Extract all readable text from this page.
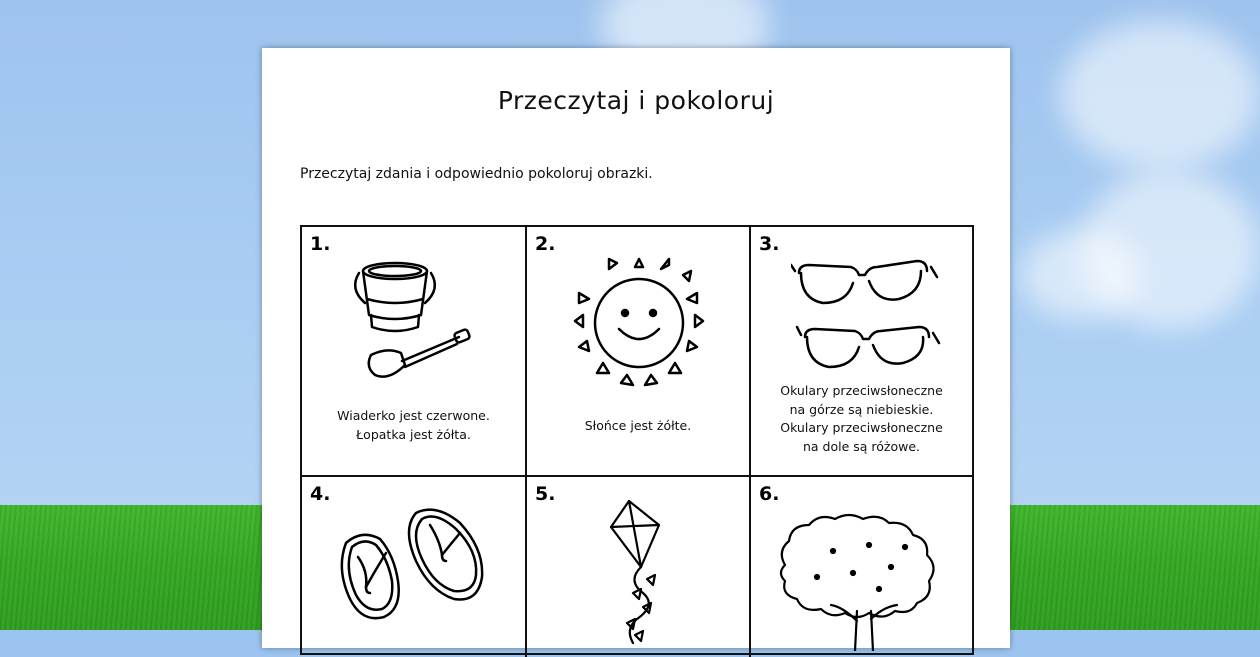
Przeczytaj i pokoloruj
Przeczytaj zdania i odpowiednio pokoloruj obrazki.
1.
Wiaderko jest czerwone.
Łopatka jest żółta.
2.
Słońce jest żółte.
3.
Okulary przeciwsłoneczne
na górze są niebieskie.
Okulary przeciwsłoneczne
na dole są różowe.
4.	5.	6.
